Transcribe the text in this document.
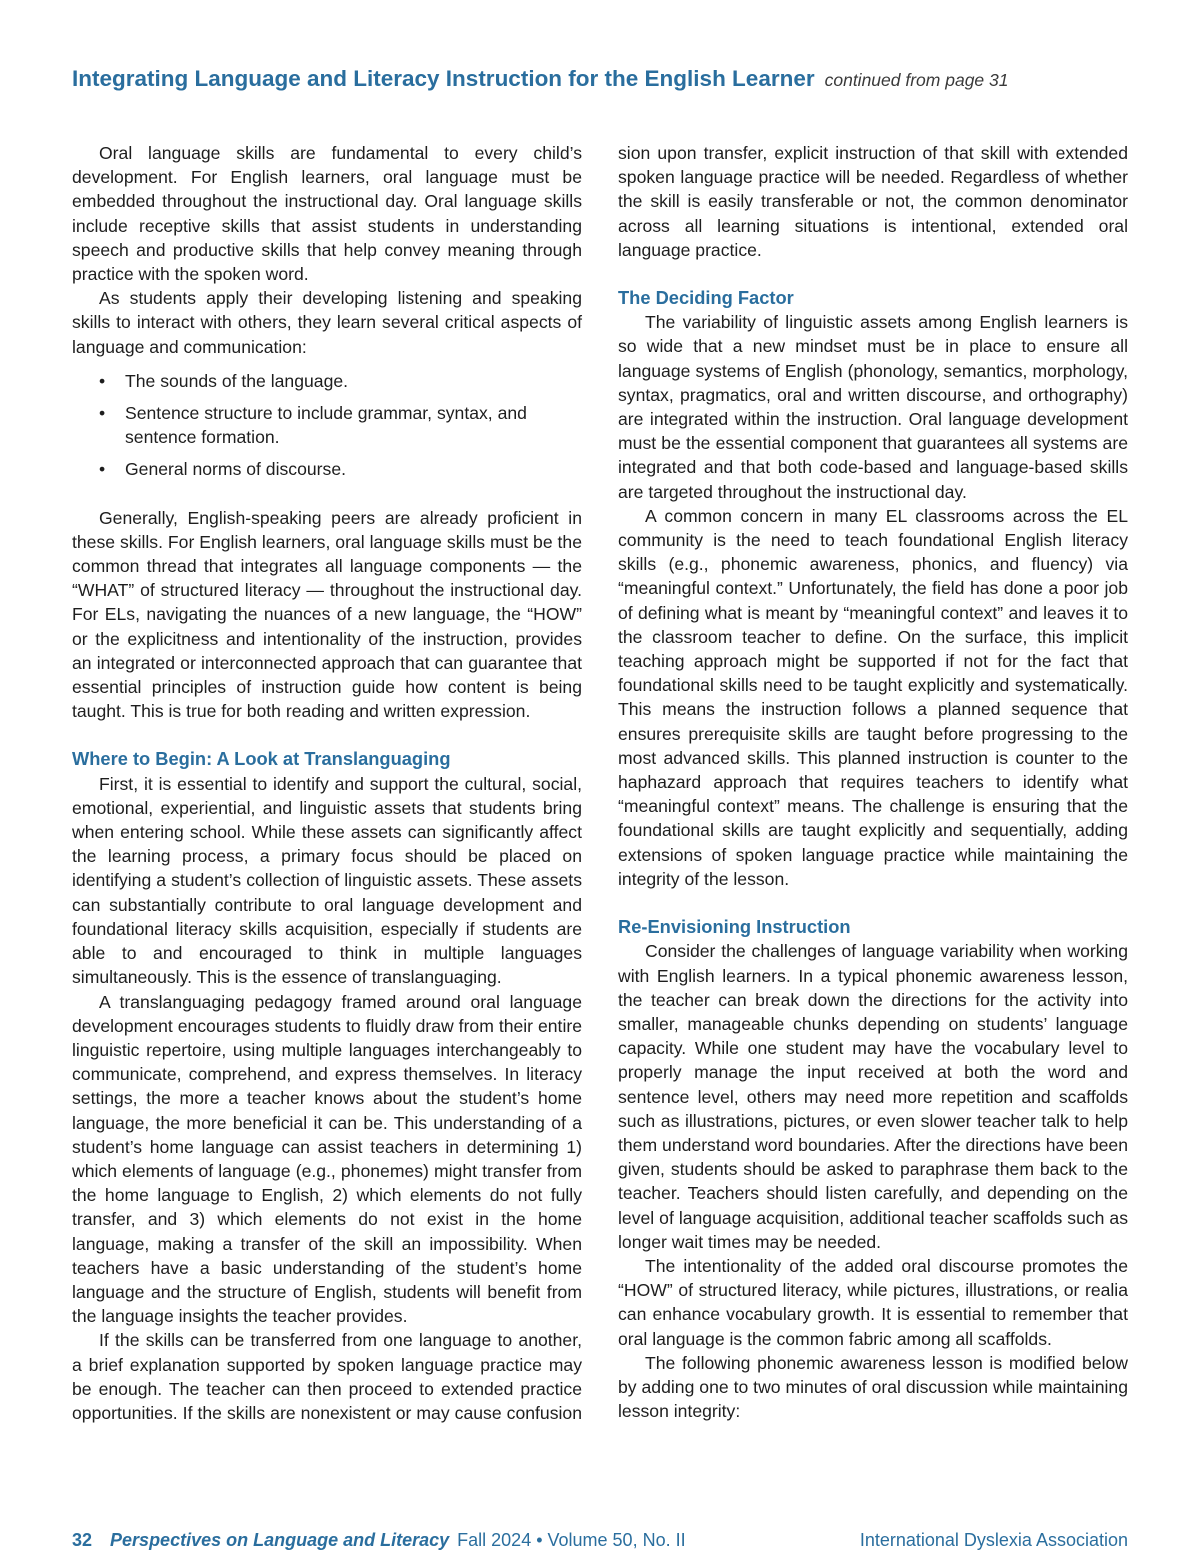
Integrating Language and Literacy Instruction for the English Learner continued from page 31

Oral language skills are fundamental to every child’s development. For English learners, oral language must be embedded throughout the instructional day. Oral language skills include receptive skills that assist students in understanding speech and productive skills that help convey meaning through practice with the spoken word.

As students apply their developing listening and speaking skills to interact with others, they learn several critical aspects of language and communication:

• The sounds of the language.
• Sentence structure to include grammar, syntax, and sentence formation.
• General norms of discourse.

Generally, English-speaking peers are already proficient in these skills. For English learners, oral language skills must be the common thread that integrates all language components — the “WHAT” of structured literacy — throughout the instructional day. For ELs, navigating the nuances of a new language, the “HOW” or the explicitness and intentionality of the instruction, provides an integrated or interconnected approach that can guarantee that essential principles of instruction guide how content is being taught. This is true for both reading and written expression.

Where to Begin: A Look at Translanguaging

First, it is essential to identify and support the cultural, social, emotional, experiential, and linguistic assets that students bring when entering school. While these assets can significantly affect the learning process, a primary focus should be placed on identifying a student’s collection of linguistic assets. These assets can substantially contribute to oral language development and foundational literacy skills acquisition, especially if students are able to and encouraged to think in multiple languages simultaneously. This is the essence of translanguaging.

A translanguaging pedagogy framed around oral language development encourages students to fluidly draw from their entire linguistic repertoire, using multiple languages interchangeably to communicate, comprehend, and express themselves. In literacy settings, the more a teacher knows about the student’s home language, the more beneficial it can be. This understanding of a student’s home language can assist teachers in determining 1) which elements of language (e.g., phonemes) might transfer from the home language to English, 2) which elements do not fully transfer, and 3) which elements do not exist in the home language, making a transfer of the skill an impossibility. When teachers have a basic understanding of the student’s home language and the structure of English, students will benefit from the language insights the teacher provides.

If the skills can be transferred from one language to another, a brief explanation supported by spoken language practice may be enough. The teacher can then proceed to extended practice opportunities. If the skills are nonexistent or may cause confusion

sion upon transfer, explicit instruction of that skill with extended spoken language practice will be needed. Regardless of whether the skill is easily transferable or not, the common denominator across all learning situations is intentional, extended oral language practice.

The Deciding Factor

The variability of linguistic assets among English learners is so wide that a new mindset must be in place to ensure all language systems of English (phonology, semantics, morphology, syntax, pragmatics, oral and written discourse, and orthography) are integrated within the instruction. Oral language development must be the essential component that guarantees all systems are integrated and that both code-based and language-based skills are targeted throughout the instructional day.

A common concern in many EL classrooms across the EL community is the need to teach foundational English literacy skills (e.g., phonemic awareness, phonics, and fluency) via “meaningful context.” Unfortunately, the field has done a poor job of defining what is meant by “meaningful context” and leaves it to the classroom teacher to define. On the surface, this implicit teaching approach might be supported if not for the fact that foundational skills need to be taught explicitly and systematically. This means the instruction follows a planned sequence that ensures prerequisite skills are taught before progressing to the most advanced skills. This planned instruction is counter to the haphazard approach that requires teachers to identify what “meaningful context” means. The challenge is ensuring that the foundational skills are taught explicitly and sequentially, adding extensions of spoken language practice while maintaining the integrity of the lesson.

Re-Envisioning Instruction

Consider the challenges of language variability when working with English learners. In a typical phonemic awareness lesson, the teacher can break down the directions for the activity into smaller, manageable chunks depending on students’ language capacity. While one student may have the vocabulary level to properly manage the input received at both the word and sentence level, others may need more repetition and scaffolds such as illustrations, pictures, or even slower teacher talk to help them understand word boundaries. After the directions have been given, students should be asked to paraphrase them back to the teacher. Teachers should listen carefully, and depending on the level of language acquisition, additional teacher scaffolds such as longer wait times may be needed.

The intentionality of the added oral discourse promotes the “HOW” of structured literacy, while pictures, illustrations, or realia can enhance vocabulary growth. It is essential to remember that oral language is the common fabric among all scaffolds.

The following phonemic awareness lesson is modified below by adding one to two minutes of oral discussion while maintaining lesson integrity:

32 Perspectives on Language and Literacy Fall 2024 • Volume 50, No. II	International Dyslexia Association
